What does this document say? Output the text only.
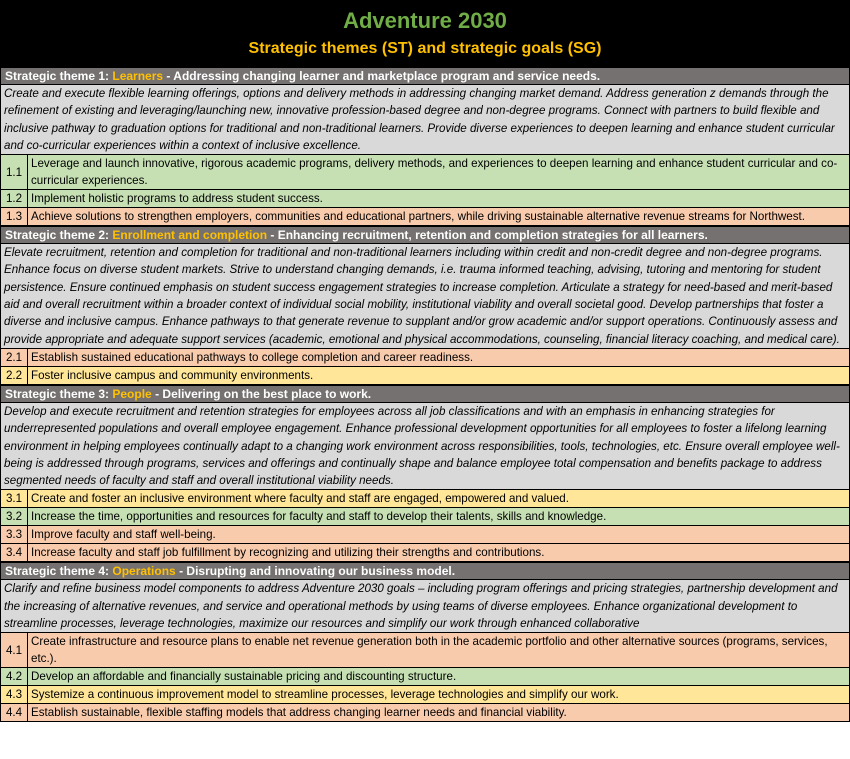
Adventure 2030
Strategic themes (ST) and strategic goals (SG)
Strategic theme 1: Learners - Addressing changing learner and marketplace program and service needs.
Create and execute flexible learning offerings, options and delivery methods in addressing changing market demand. Address generation z demands through the refinement of existing and leveraging/launching new, innovative profession-based degree and non-degree programs. Connect with partners to build flexible and inclusive pathway to graduation options for traditional and non-traditional learners. Provide diverse experiences to deepen learning and enhance student curricular and co-curricular experiences within a context of inclusive excellence.
1.1
Leverage and launch innovative, rigorous academic programs, delivery methods, and experiences to deepen learning and enhance student curricular and co-curricular experiences.
1.2 Implement holistic programs to address student success.
1.3 Achieve solutions to strengthen employers, communities and educational partners, while driving sustainable alternative revenue streams for Northwest.
Strategic theme 2: Enrollment and completion - Enhancing recruitment, retention and completion strategies for all learners.
Elevate recruitment, retention and completion for traditional and non-traditional learners including within credit and non-credit degree and non-degree programs. Enhance focus on diverse student markets. Strive to understand changing demands, i.e. trauma informed teaching, advising, tutoring and mentoring for student persistence. Ensure continued emphasis on student success engagement strategies to increase completion. Articulate a strategy for need-based and merit-based aid and overall recruitment within a broader context of individual social mobility, institutional viability and overall societal good. Develop partnerships that foster a diverse and inclusive campus. Enhance pathways to that generate revenue to supplant and/or grow academic and/or support operations. Continuously assess and provide appropriate and adequate support services (academic, emotional and physical accommodations, counseling, financial literacy coaching, and medical care).
2.1 Establish sustained educational pathways to college completion and career readiness.
2.2 Foster inclusive campus and community environments.
Strategic theme 3: People - Delivering on the best place to work.
Develop and execute recruitment and retention strategies for employees across all job classifications and with an emphasis in enhancing strategies for underrepresented populations and overall employee engagement. Enhance professional development opportunities for all employees to foster a lifelong learning environment in helping employees continually adapt to a changing work environment across responsibilities, tools, technologies, etc. Ensure overall employee well-being is addressed through programs, services and offerings and continually shape and balance employee total compensation and benefits package to address segmented needs of faculty and staff and overall institutional viability needs.
3.1 Create and foster an inclusive environment where faculty and staff are engaged, empowered and valued.
3.2 Increase the time, opportunities and resources for faculty and staff to develop their talents, skills and knowledge.
3.3 Improve faculty and staff well-being.
3.4 Increase faculty and staff job fulfillment by recognizing and utilizing their strengths and contributions.
Strategic theme 4: Operations - Disrupting and innovating our business model.
Clarify and refine business model components to address Adventure 2030 goals – including program offerings and pricing strategies, partnership development and the increasing of alternative revenues, and service and operational methods by using teams of diverse employees. Enhance organizational development to streamline processes, leverage technologies, maximize our resources and simplify our work through enhanced collaborative
4.1
Create infrastructure and resource plans to enable net revenue generation both in the academic portfolio and other alternative sources (programs, services, etc.).
4.2 Develop an affordable and financially sustainable pricing and discounting structure.
4.3 Systemize a continuous improvement model to streamline processes, leverage technologies and simplify our work.
4.4 Establish sustainable, flexible staffing models that address changing learner needs and financial viability.
